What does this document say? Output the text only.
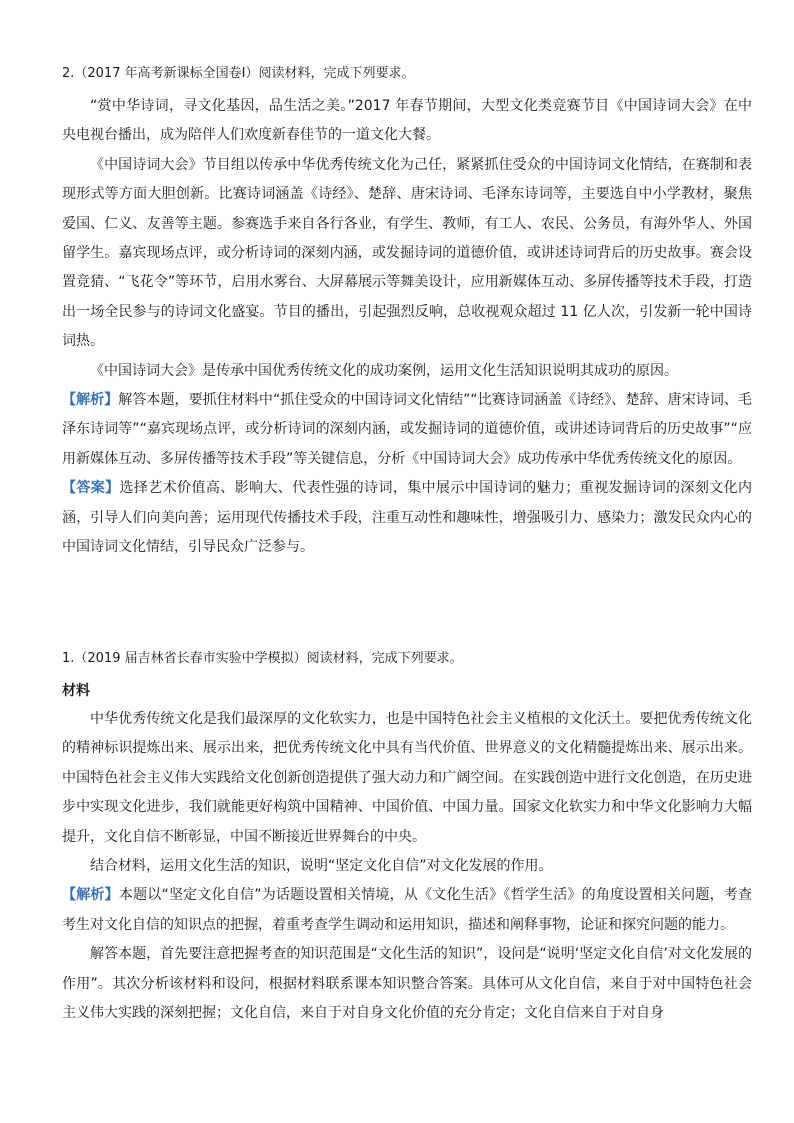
2.（2017 年高考新课标全国卷Ⅰ）阅读材料，完成下列要求。

“赏中华诗词，寻文化基因，品生活之美。”2017 年春节期间，大型文化类竞赛节目《中国诗词大会》在中央电视台播出，成为陪伴人们欢度新春佳节的一道文化大餐。

《中国诗词大会》节目组以传承中华优秀传统文化为己任，紧紧抓住受众的中国诗词文化情结，在赛制和表现形式等方面大胆创新。比赛诗词涵盖《诗经》、楚辞、唐宋诗词、毛泽东诗词等，主要选自中小学教材，聚焦爱国、仁义、友善等主题。参赛选手来自各行各业，有学生、教师，有工人、农民、公务员，有海外华人、外国留学生。嘉宾现场点评，或分析诗词的深刻内涵，或发掘诗词的道德价值，或讲述诗词背后的历史故事。赛会设置竞猜、“飞花令”等环节，启用水雾台、大屏幕展示等舞美设计，应用新媒体互动、多屏传播等技术手段，打造出一场全民参与的诗词文化盛宴。节目的播出，引起强烈反响，总收视观众超过 11 亿人次，引发新一轮中国诗词热。

《中国诗词大会》是传承中国优秀传统文化的成功案例，运用文化生活知识说明其成功的原因。

【解析】解答本题，要抓住材料中“抓住受众的中国诗词文化情结”“比赛诗词涵盖《诗经》、楚辞、唐宋诗词、毛泽东诗词等”“嘉宾现场点评，或分析诗词的深刻内涵，或发掘诗词的道德价值，或讲述诗词背后的历史故事”“应用新媒体互动、多屏传播等技术手段”等关键信息，分析《中国诗词大会》成功传承中华优秀传统文化的原因。

【答案】选择艺术价值高、影响大、代表性强的诗词，集中展示中国诗词的魅力；重视发掘诗词的深刻文化内涵，引导人们向美向善；运用现代传播技术手段，注重互动性和趣味性，增强吸引力、感染力；激发民众内心的中国诗词文化情结，引导民众广泛参与。

1.（2019 届吉林省长春市实验中学模拟）阅读材料，完成下列要求。
材料

中华优秀传统文化是我们最深厚的文化软实力，也是中国特色社会主义植根的文化沃土。要把优秀传统文化的精神标识提炼出来、展示出来，把优秀传统文化中具有当代价值、世界意义的文化精髓提炼出来、展示出来。中国特色社会主义伟大实践给文化创新创造提供了强大动力和广阔空间。在实践创造中进行文化创造，在历史进步中实现文化进步，我们就能更好构筑中国精神、中国价值、中国力量。国家文化软实力和中华文化影响力大幅提升，文化自信不断彰显，中国不断接近世界舞台的中央。

结合材料，运用文化生活的知识，说明“坚定文化自信”对文化发展的作用。

【解析】本题以“坚定文化自信”为话题设置相关情境，从《文化生活》《哲学生活》的角度设置相关问题，考查考生对文化自信的知识点的把握，着重考查学生调动和运用知识，描述和阐释事物，论证和探究问题的能力。

解答本题，首先要注意把握考查的知识范围是“文化生活的知识”，设问是“说明‘坚定文化自信’对文化发展的作用”。其次分析该材料和设问，根据材料联系课本知识整合答案。具体可从文化自信，来自于对中国特色社会主义伟大实践的深刻把握；文化自信，来自于对自身文化价值的充分肯定；文化自信来自于对自身
